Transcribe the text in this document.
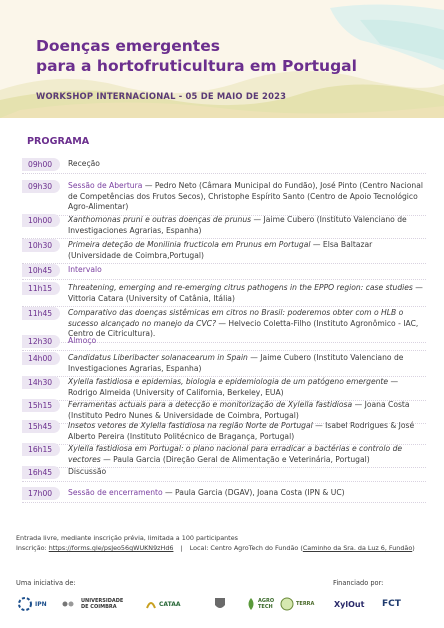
Doenças emergentes
para a hortofruticultura em Portugal
WORKSHOP INTERNACIONAL - 05 DE MAIO DE 2023
PROGRAMA
09h00	Receção
09h30	Sessão de Abertura — Pedro Neto (Câmara Municipal do Fundão), José Pinto (Centro Nacional de Competências dos Frutos Secos), Christophe Espírito Santo (Centro de Apoio Tecnológico Agro-Alimentar)
10h00	Xanthomonas pruni e outras doenças de prunus — Jaime Cubero (Instituto Valenciano de Investigaciones Agrarias, Espanha)
10h30	Primeira deteção de Monilinia fructicola em Prunus em Portugal — Elsa Baltazar (Universidade de Coimbra,Portugal)
10h45	Intervalo
11h15	Threatening, emerging and re-emerging citrus pathogens in the EPPO region: case studies — Vittoria Catara (University of Catânia, Itália)
11h45	Comparativo das doenças sistêmicas em citros no Brasil: poderemos obter com o HLB o sucesso alcançado no manejo da CVC? — Helvecio Coletta-Filho (Instituto Agronômico - IAC, Centro de Citricultura).
12h30	Almoço
14h00	Candidatus Liberibacter solanacearum in Spain — Jaime Cubero (Instituto Valenciano de Investigaciones Agrarias, Espanha)
14h30	Xylella fastidiosa e epidemias, biologia e epidemiologia de um patógeno emergente — Rodrigo Almeida (University of California, Berkeley, EUA)
15h15	Ferramentas actuais para a detecção e monitorização de Xylella fastidiosa — Joana Costa (Instituto Pedro Nunes & Universidade de Coimbra, Portugal)
15h45	Insetos vetores de Xylella fastidiosa na região Norte de Portugal — Isabel Rodrigues & José Alberto Pereira (Instituto Politécnico de Bragança, Portugal)
16h15	Xylella fastidiosa em Portugal: o plano nacional para erradicar a bactérias e controlo de vectores — Paula Garcia (Direção Geral de Alimentação e Veterinária, Portugal)
16h45	Discussão
17h00	Sessão de encerramento — Paula Garcia (DGAV), Joana Costa (IPN & UC)
Entrada livre, mediante inscrição prévia, limitada a 100 participantes
Inscrição: https://forms.gle/psJeo56gWUKN9zHd6 | Local: Centro AgroTech do Fundão (Caminho da Sra. da Luz 6, Fundão)
Uma iniciativa de:	Financiado por:
IPN	UNIVERSIDADE DE COIMBRA	CATAA	AGRO TECH	TERRA XylOut FCT
